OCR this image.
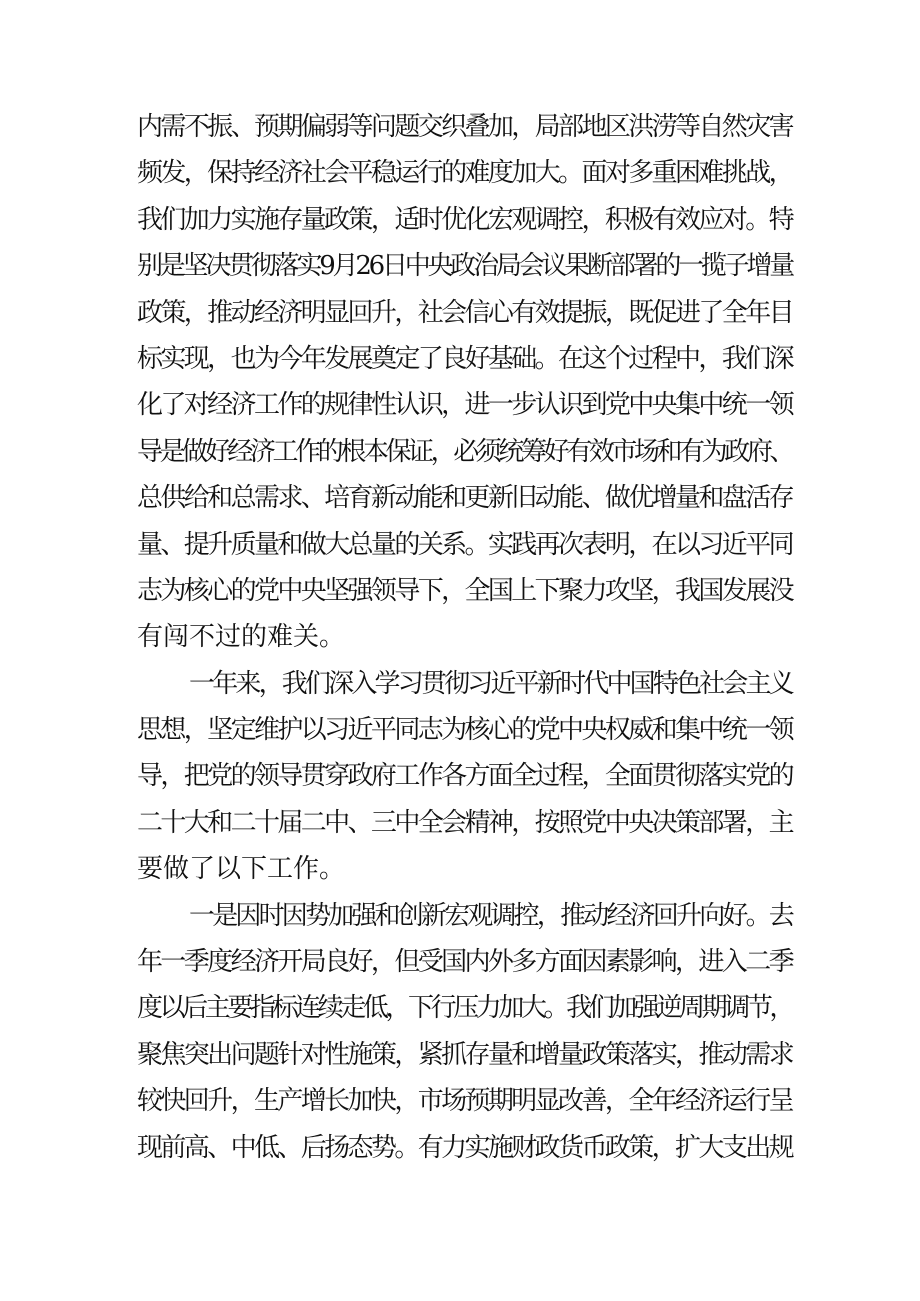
内需不振、预期偏弱等问题交织叠加，局部地区洪涝等自然灾害
频发，保持经济社会平稳运行的难度加大。面对多重困难挑战，
我们加力实施存量政策，适时优化宏观调控，积极有效应对。特
别是坚决贯彻落实9月26日中央政治局会议果断部署的一揽子增量
政策，推动经济明显回升，社会信心有效提振，既促进了全年目
标实现，也为今年发展奠定了良好基础。在这个过程中，我们深
化了对经济工作的规律性认识，进一步认识到党中央集中统一领
导是做好经济工作的根本保证，必须统筹好有效市场和有为政府、
总供给和总需求、培育新动能和更新旧动能、做优增量和盘活存
量、提升质量和做大总量的关系。实践再次表明，在以习近平同
志为核心的党中央坚强领导下，全国上下聚力攻坚，我国发展没
有闯不过的难关。
一年来，我们深入学习贯彻习近平新时代中国特色社会主义
思想，坚定维护以习近平同志为核心的党中央权威和集中统一领
导，把党的领导贯穿政府工作各方面全过程，全面贯彻落实党的
二十大和二十届二中、三中全会精神，按照党中央决策部署，主
要做了以下工作。
一是因时因势加强和创新宏观调控，推动经济回升向好。去
年一季度经济开局良好，但受国内外多方面因素影响，进入二季
度以后主要指标连续走低，下行压力加大。我们加强逆周期调节，
聚焦突出问题针对性施策，紧抓存量和增量政策落实，推动需求
较快回升，生产增长加快，市场预期明显改善，全年经济运行呈
现前高、中低、后扬态势。有力实施财政货币政策，扩大支出规
